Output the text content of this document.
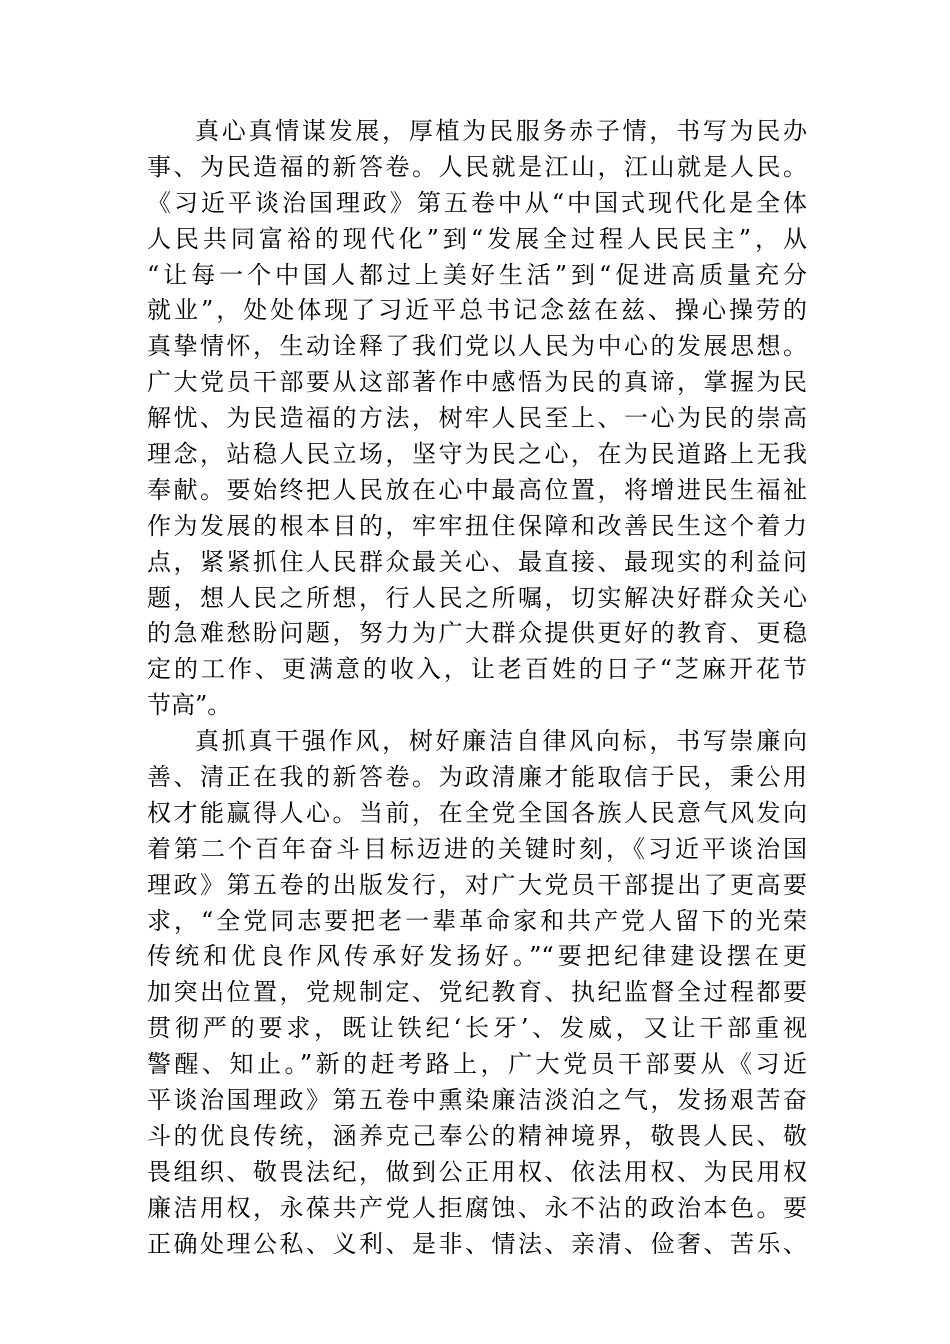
真心真情谋发展，厚植为民服务赤子情，书写为民办
事、为民造福的新答卷。人民就是江山，江山就是人民。
《习近平谈治国理政》第五卷中从“中国式现代化是全体
人民共同富裕的现代化”到“发展全过程人民民主”，从
“让每一个中国人都过上美好生活”到“促进高质量充分
就业”，处处体现了习近平总书记念兹在兹、操心操劳的
真挚情怀，生动诠释了我们党以人民为中心的发展思想。
广大党员干部要从这部著作中感悟为民的真谛，掌握为民
解忧、为民造福的方法，树牢人民至上、一心为民的崇高
理念，站稳人民立场，坚守为民之心，在为民道路上无我
奉献。要始终把人民放在心中最高位置，将增进民生福祉
作为发展的根本目的，牢牢扭住保障和改善民生这个着力
点，紧紧抓住人民群众最关心、最直接、最现实的利益问
题，想人民之所想，行人民之所嘱，切实解决好群众关心
的急难愁盼问题，努力为广大群众提供更好的教育、更稳
定的工作、更满意的收入，让老百姓的日子“芝麻开花节
节高”。
真抓真干强作风，树好廉洁自律风向标，书写崇廉向
善、清正在我的新答卷。为政清廉才能取信于民，秉公用
权才能赢得人心。当前，在全党全国各族人民意气风发向
着第二个百年奋斗目标迈进的关键时刻，《习近平谈治国
理政》第五卷的出版发行，对广大党员干部提出了更高要
求，“全党同志要把老一辈革命家和共产党人留下的光荣
传统和优良作风传承好发扬好。”“要把纪律建设摆在更
加突出位置，党规制定、党纪教育、执纪监督全过程都要
贯彻严的要求，既让铁纪‘长牙’、发威，又让干部重视
警醒、知止。”新的赶考路上，广大党员干部要从《习近
平谈治国理政》第五卷中熏染廉洁淡泊之气，发扬艰苦奋
斗的优良传统，涵养克己奉公的精神境界，敬畏人民、敬
畏组织、敬畏法纪，做到公正用权、依法用权、为民用权
廉洁用权，永葆共产党人拒腐蚀、永不沾的政治本色。要
正确处理公私、义利、是非、情法、亲清、俭奢、苦乐、
